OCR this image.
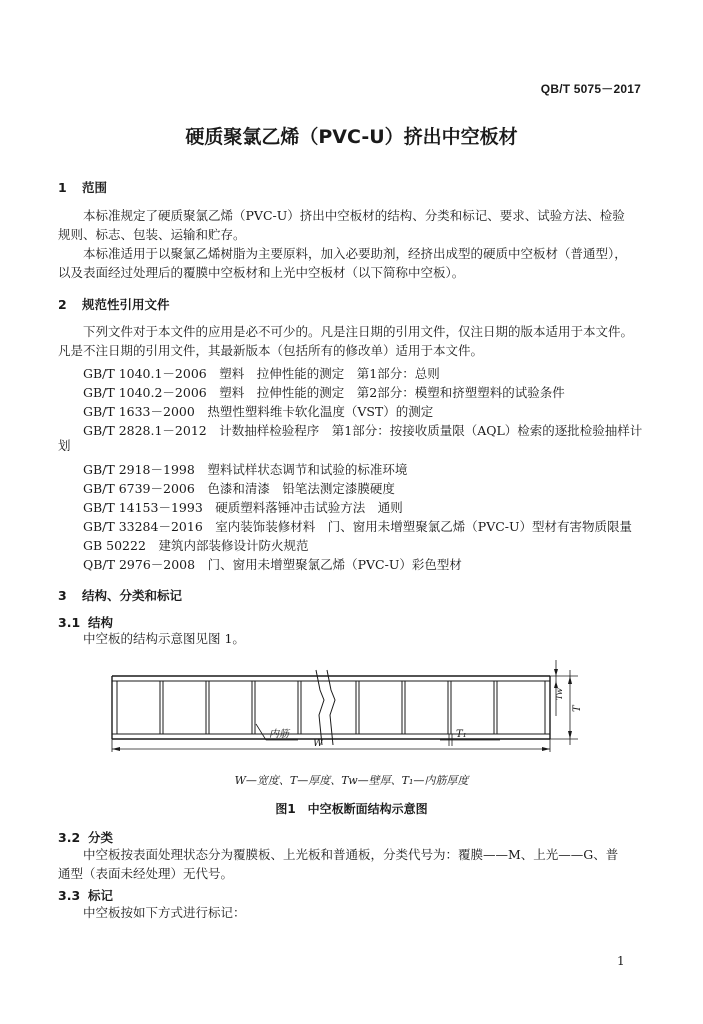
QB/T 5075－2017
硬质聚氯乙烯（PVC-U）挤出中空板材
1 范围
本标准规定了硬质聚氯乙烯（PVC-U）挤出中空板材的结构、分类和标记、要求、试验方法、检验
规则、标志、包装、运输和贮存。
本标准适用于以聚氯乙烯树脂为主要原料，加入必要助剂，经挤出成型的硬质中空板材（普通型），
以及表面经过处理后的覆膜中空板材和上光中空板材（以下简称中空板）。
2 规范性引用文件
下列文件对于本文件的应用是必不可少的。凡是注日期的引用文件，仅注日期的版本适用于本文件。
凡是不注日期的引用文件，其最新版本（包括所有的修改单）适用于本文件。
GB/T 1040.1－2006　 塑料　拉伸性能的测定　第1部分：总则
GB/T 1040.2－2006　 塑料　拉伸性能的测定　第2部分：模塑和挤塑塑料的试验条件
GB/T 1633－2000　 热塑性塑料维卡软化温度（VST）的测定
GB/T 2828.1－2012　 计数抽样检验程序　第1部分：按接收质量限（AQL）检索的逐批检验抽样计
划
GB/T 2918－1998　 塑料试样状态调节和试验的标准环境
GB/T 6739－2006　 色漆和清漆　铅笔法测定漆膜硬度
GB/T 14153－1993　 硬质塑料落锤冲击试验方法　通则
GB/T 33284－2016　 室内装饰装修材料　门、窗用未增塑聚氯乙烯（PVC-U）型材有害物质限量
GB 50222　 建筑内部装修设计防火规范
QB/T 2976－2008　 门、窗用未增塑聚氯乙烯（PVC-U）彩色型材
3 结构、分类和标记
3.1 结构
中空板的结构示意图见图 1。
内筋
W
T₁
Tw
T
W—宽度、T—厚度、Tw—壁厚、T₁—内筋厚度
图1　中空板断面结构示意图
3.2 分类
中空板按表面处理状态分为覆膜板、上光板和普通板，分类代号为：覆膜——M、上光——G、普
通型（表面未经处理）无代号。
3.3 标记
中空板按如下方式进行标记：
1
